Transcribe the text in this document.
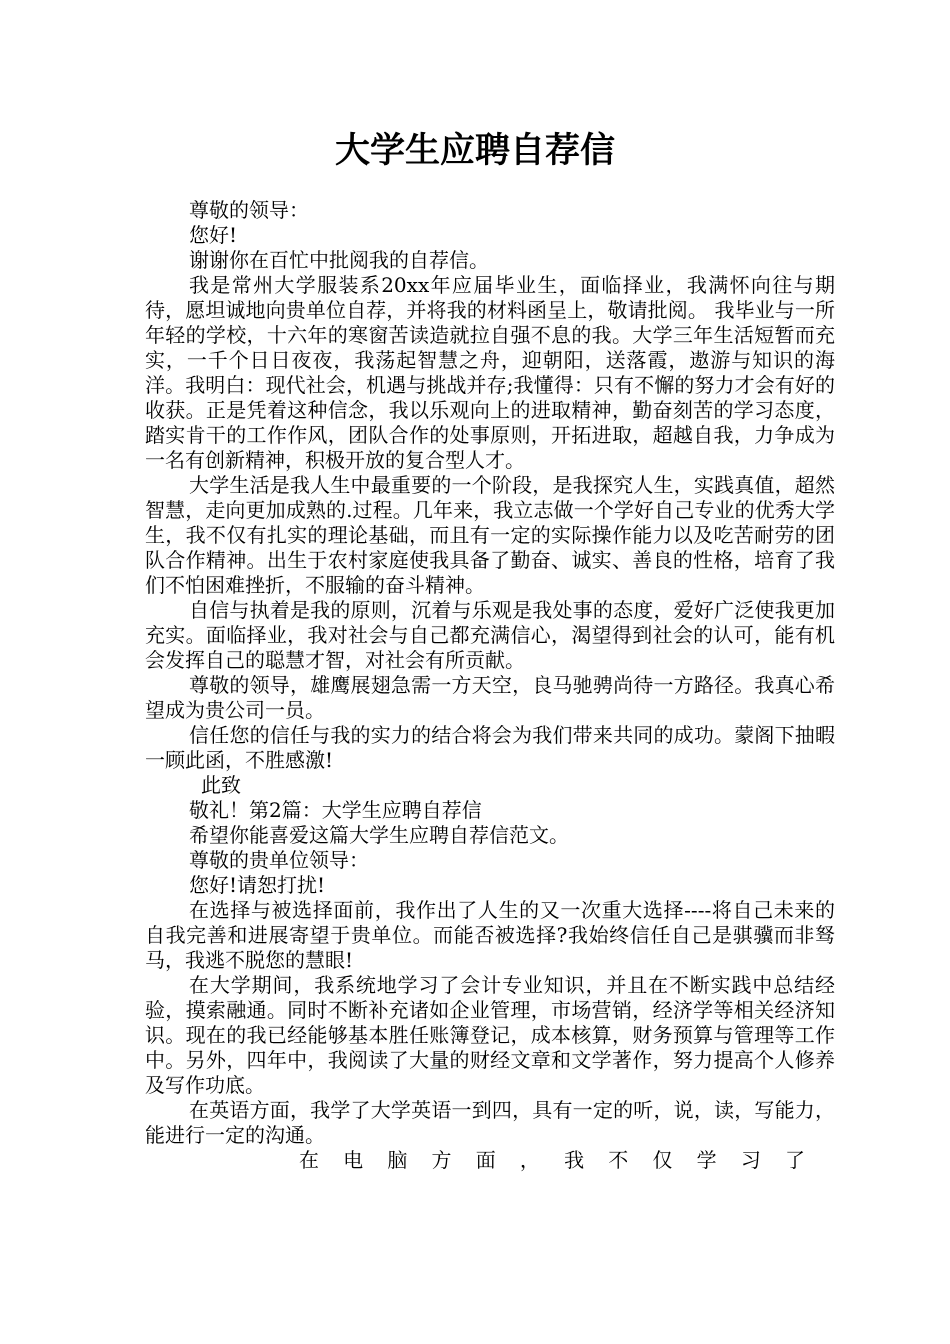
大学生应聘自荐信

尊敬的领导：

您好!

谢谢你在百忙中批阅我的自荐信。

我是常州大学服装系20xx年应届毕业生，面临择业，我满怀向往与期待，愿坦诚地向贵单位自荐，并将我的材料函呈上，敬请批阅。 我毕业与一所年轻的学校，十六年的寒窗苦读造就拉自强不息的我。大学三年生活短暂而充实，一千个日日夜夜，我荡起智慧之舟，迎朝阳，送落霞，遨游与知识的海洋。我明白：现代社会，机遇与挑战并存;我懂得：只有不懈的努力才会有好的收获。正是凭着这种信念，我以乐观向上的进取精神，勤奋刻苦的学习态度，踏实肯干的工作作风，团队合作的处事原则，开拓进取，超越自我，力争成为一名有创新精神，积极开放的复合型人才。

大学生活是我人生中最重要的一个阶段，是我探究人生，实践真值，超然智慧，走向更加成熟的.过程。几年来，我立志做一个学好自己专业的优秀大学生，我不仅有扎实的理论基础，而且有一定的实际操作能力以及吃苦耐劳的团队合作精神。出生于农村家庭使我具备了勤奋、诚实、善良的性格，培育了我们不怕困难挫折，不服输的奋斗精神。

自信与执着是我的原则，沉着与乐观是我处事的态度，爱好广泛使我更加充实。面临择业，我对社会与自己都充满信心，渴望得到社会的认可，能有机会发挥自己的聪慧才智，对社会有所贡献。

尊敬的领导，雄鹰展翅急需一方天空，良马驰骋尚待一方路径。我真心希望成为贵公司一员。

信任您的信任与我的实力的结合将会为我们带来共同的成功。蒙阁下抽暇一顾此函，不胜感激!

此致

敬礼！第2篇：大学生应聘自荐信

希望你能喜爱这篇大学生应聘自荐信范文。

尊敬的贵单位领导：

您好!请恕打扰!

在选择与被选择面前，我作出了人生的又一次重大选择----将自己未来的自我完善和进展寄望于贵单位。而能否被选择?我始终信任自己是骐骥而非驽马，我逃不脱您的慧眼!

在大学期间，我系统地学习了会计专业知识，并且在不断实践中总结经验，摸索融通。同时不断补充诸如企业管理，市场营销，经济学等相关经济知识。现在的我已经能够基本胜任账簿登记，成本核算，财务预算与管理等工作中。另外，四年中，我阅读了大量的财经文章和文学著作，努力提高个人修养及写作功底。

在英语方面，我学了大学英语一到四，具有一定的听，说，读，写能力，能进行一定的沟通。

在电脑方面，我不仅学习了
